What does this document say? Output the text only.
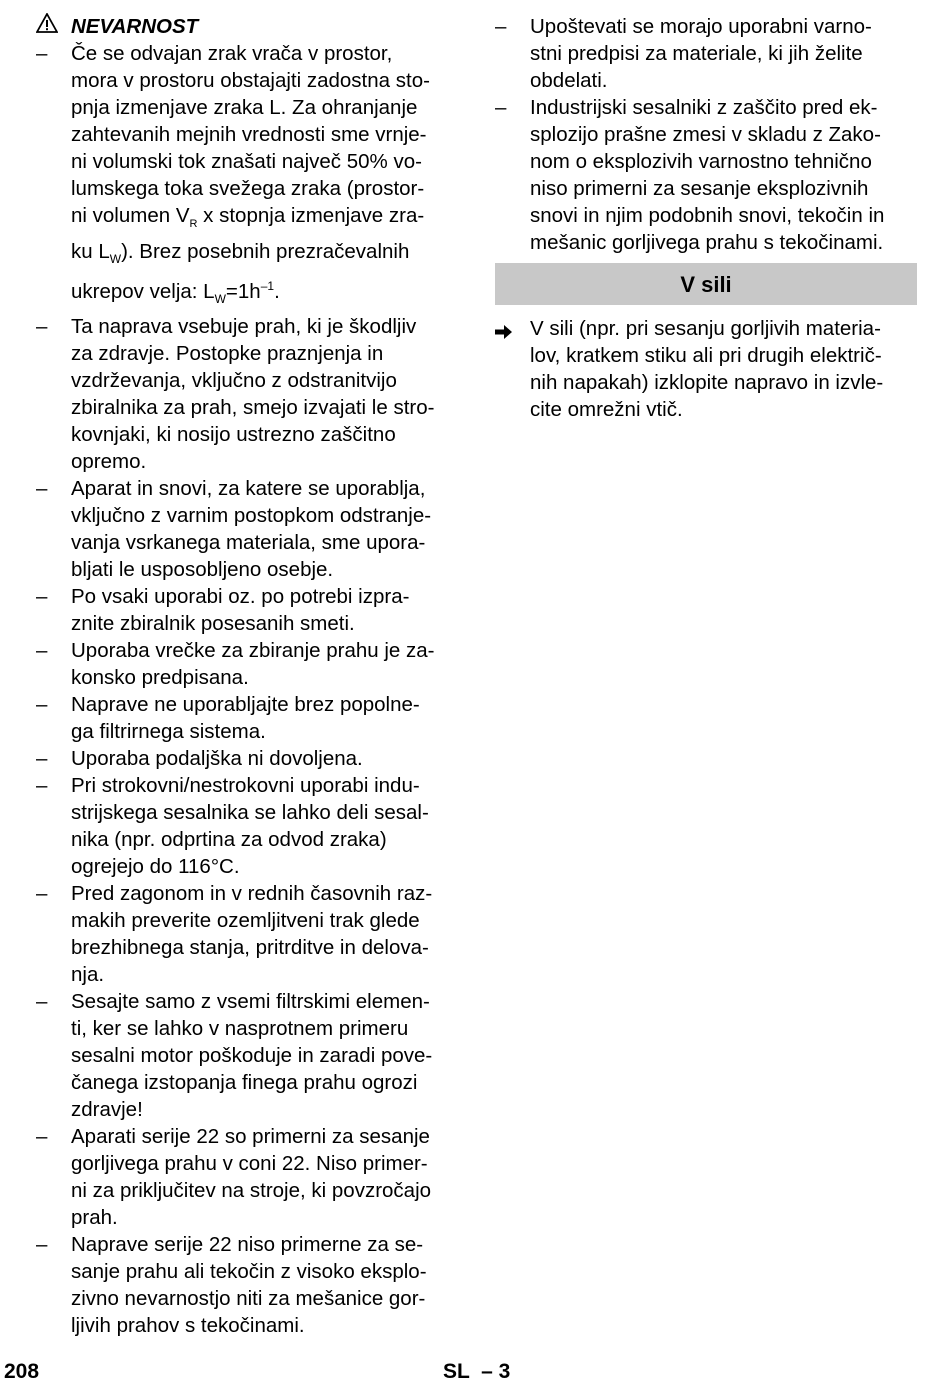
NEVARNOST
–	Če se odvajan zrak vrača v prostor,
mora v prostoru obstajajti zadostna sto-
pnja izmenjave zraka L. Za ohranjanje
zahtevanih mejnih vrednosti sme vrnje-
ni volumski tok znašati največ 50% vo-
lumskega toka svežega zraka (prostor-
ni volumen $V_R$ x stopnja izmenjave zra-
ku $L_W$). Brez posebnih prezračevalnih
ukrepov velja: $L_W=1h^{-1}$.
–	Ta naprava vsebuje prah, ki je škodljiv
za zdravje. Postopke praznjenja in
vzdrževanja, vključno z odstranitvijo
zbiralnika za prah, smejo izvajati le stro-
kovnjaki, ki nosijo ustrezno zaščitno
opremo.
–	Aparat in snovi, za katere se uporablja,
vključno z varnim postopkom odstranje-
vanja vsrkanega materiala, sme upora-
bljati le usposobljeno osebje.
–	Po vsaki uporabi oz. po potrebi izpra-
znite zbiralnik posesanih smeti.
–	Uporaba vrečke za zbiranje prahu je za-
konsko predpisana.
–	Naprave ne uporabljajte brez popolne-
ga filtrirnega sistema.
–	Uporaba podaljška ni dovoljena.
–	Pri strokovni/nestrokovni uporabi indu-
strijskega sesalnika se lahko deli sesal-
nika (npr. odprtina za odvod zraka)
ogrejejo do 116°C.
–	Pred zagonom in v rednih časovnih raz-
makih preverite ozemljitveni trak glede
brezhibnega stanja, pritrditve in delova-
nja.
–	Sesajte samo z vsemi filtrskimi elemen-
ti, ker se lahko v nasprotnem primeru
sesalni motor poškoduje in zaradi pove-
čanega izstopanja finega prahu ogrozi
zdravje!
–	Aparati serije 22 so primerni za sesanje
gorljivega prahu v coni 22. Niso primer-
ni za priključitev na stroje, ki povzročajo
prah.
–	Naprave serije 22 niso primerne za se-
sanje prahu ali tekočin z visoko eksplo-
zivno nevarnostjo niti za mešanice gor-
ljivih prahov s tekočinami.
–	Upoštevati se morajo uporabni varno-
stni predpisi za materiale, ki jih želite
obdelati.
–	Industrijski sesalniki z zaščito pred ek-
splozijo prašne zmesi v skladu z Zako-
nom o eksplozivih varnostno tehnično
niso primerni za sesanje eksplozivnih
snovi in njim podobnih snovi, tekočin in
mešanic gorljivega prahu s tekočinami.
V sili
V sili (npr. pri sesanju gorljivih materia-
lov, kratkem stiku ali pri drugih električ-
nih napakah) izklopite napravo in izvle-
cite omrežni vtič.
208	SL  – 3
